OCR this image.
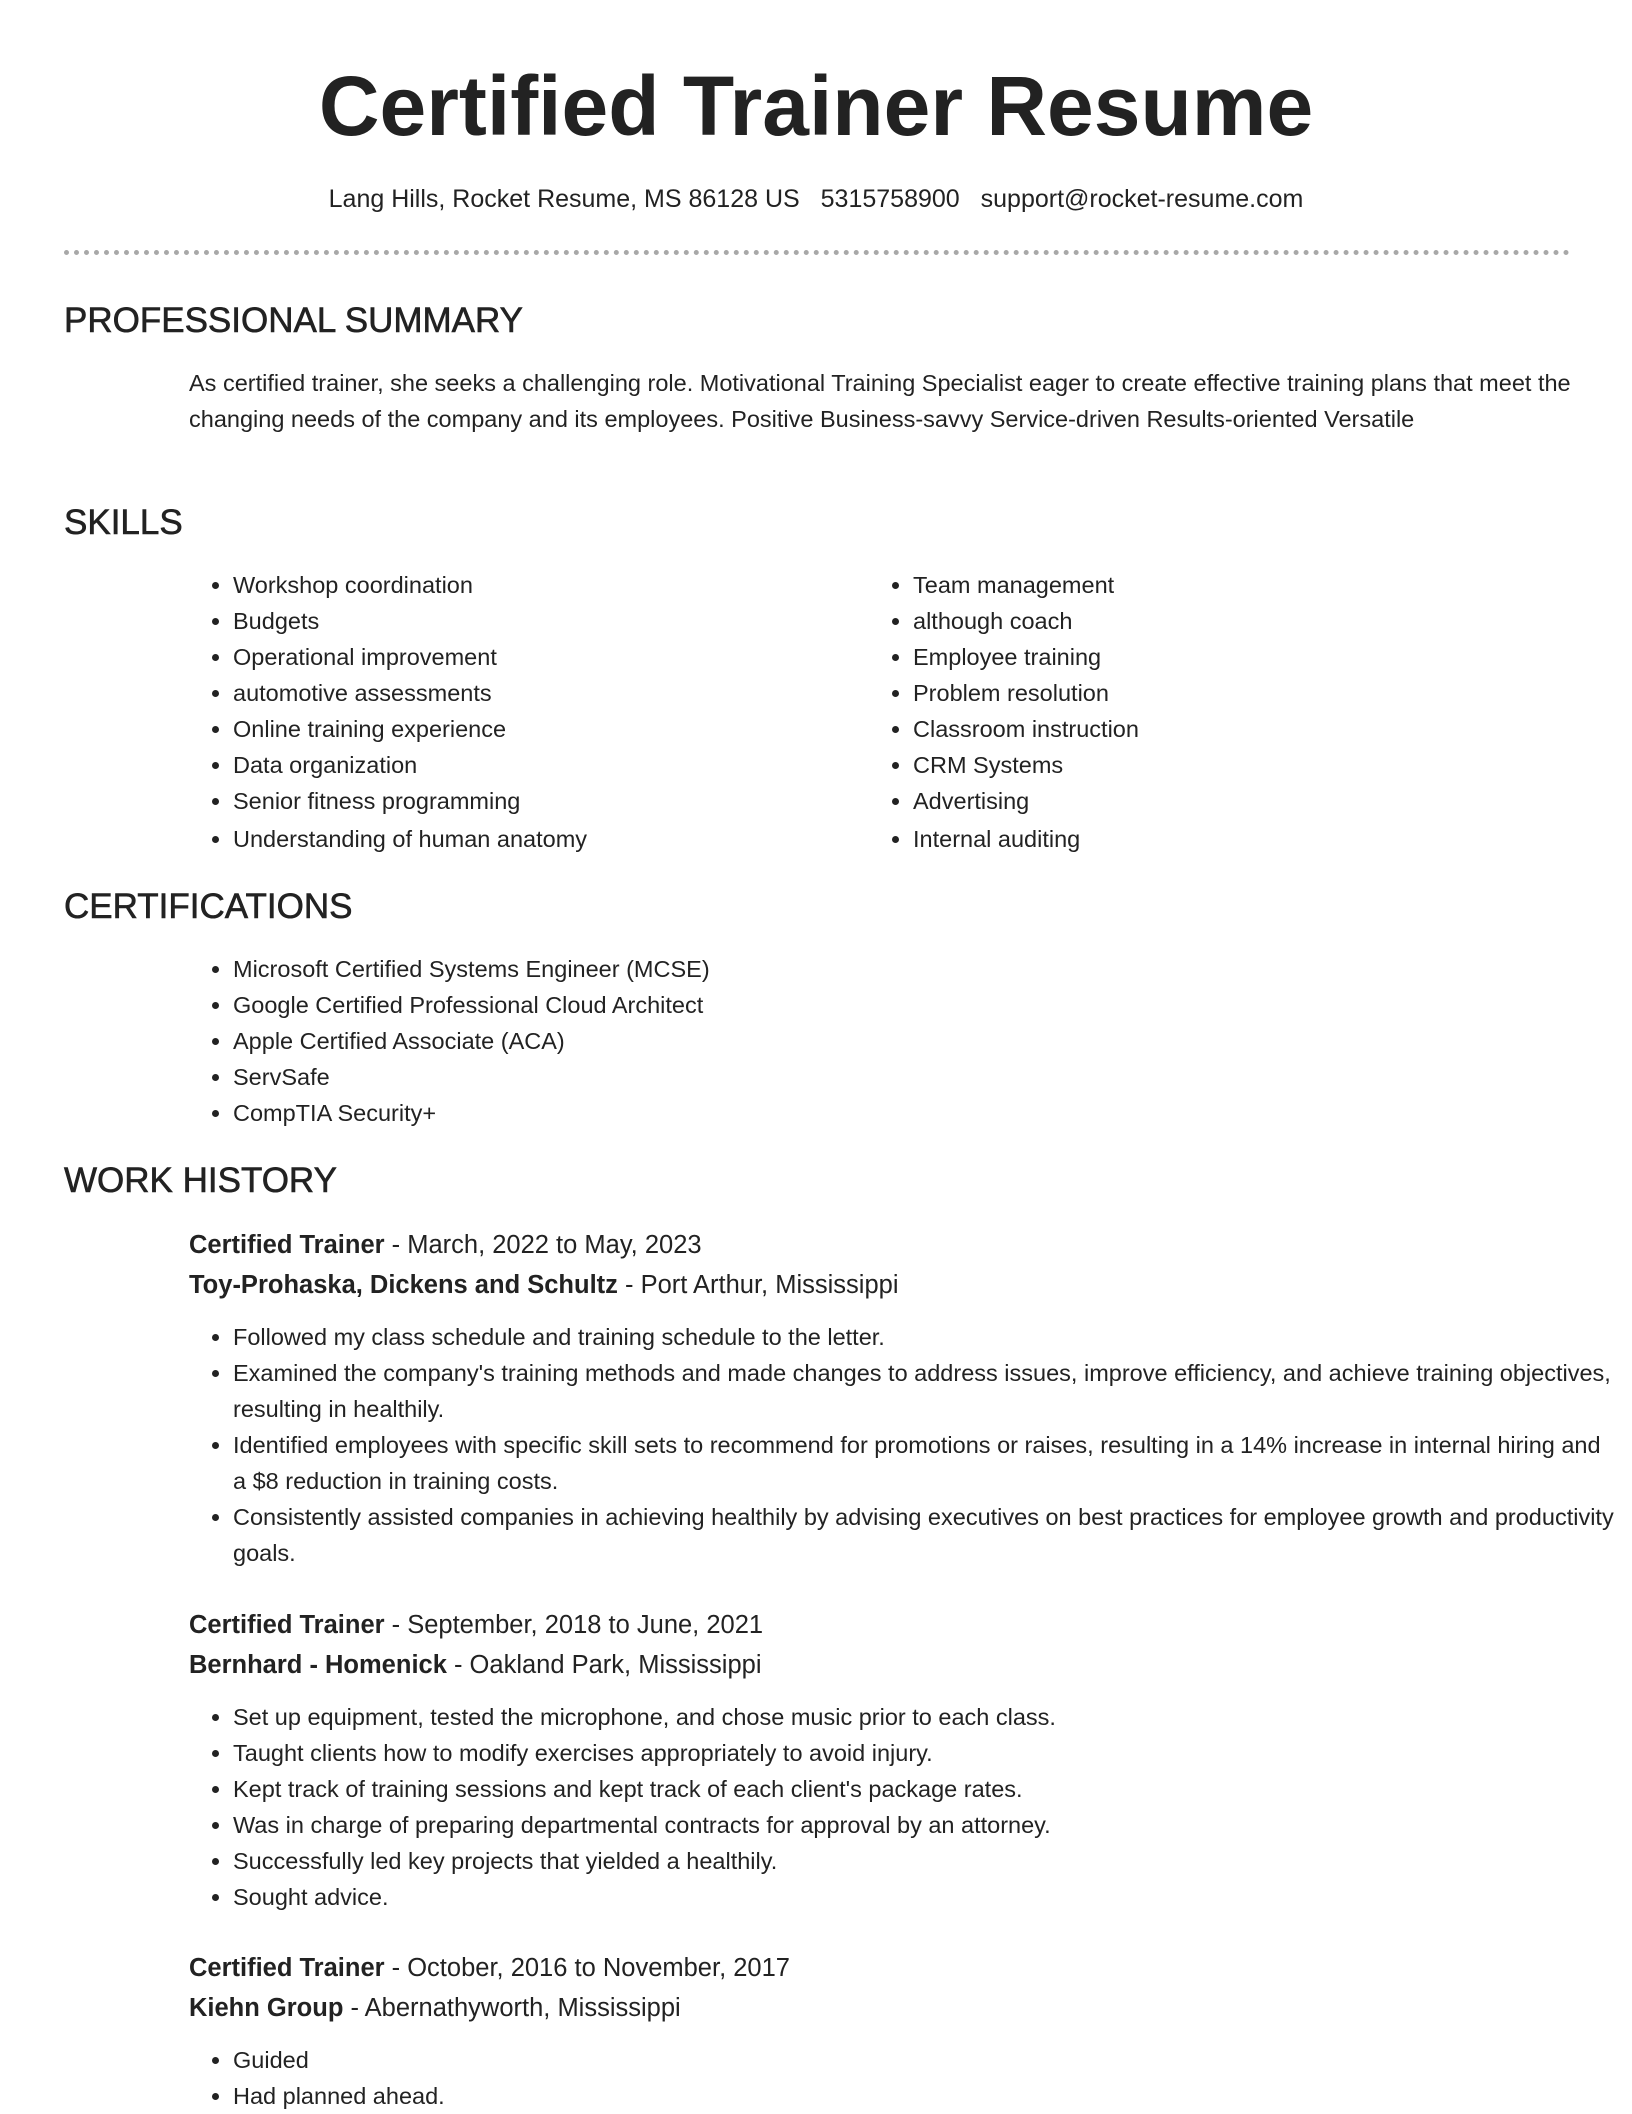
Certified Trainer Resume
Lang Hills, Rocket Resume, MS 86128 US 5315758900 support@rocket-resume.com
PROFESSIONAL SUMMARY

As certified trainer, she seeks a challenging role. Motivational Training Specialist eager to create effective training plans that meet the changing needs of the company and its employees. Positive Business-savvy Service-driven Results-oriented Versatile

SKILLS
• Workshop coordination
• Budgets
• Operational improvement
• automotive assessments
• Online training experience
• Data organization
• Senior fitness programming
• Understanding of human anatomy
• Team management
• although coach
• Employee training
• Problem resolution
• Classroom instruction
• CRM Systems
• Advertising
• Internal auditing
CERTIFICATIONS
• Microsoft Certified Systems Engineer (MCSE)
• Google Certified Professional Cloud Architect
• Apple Certified Associate (ACA)
• ServSafe
• CompTIA Security+
WORK HISTORY

Certified Trainer - March, 2022 to May, 2023

Toy-Prohaska, Dickens and Schultz - Port Arthur, Mississippi

• Followed my class schedule and training schedule to the letter.
• Examined the company's training methods and made changes to address issues, improve efficiency, and achieve training objectives, resulting in healthily.
• Identified employees with specific skill sets to recommend for promotions or raises, resulting in a 14% increase in internal hiring and a $8 reduction in training costs.
• Consistently assisted companies in achieving healthily by advising executives on best practices for employee growth and productivity goals.

Certified Trainer - September, 2018 to June, 2021

Bernhard - Homenick - Oakland Park, Mississippi

• Set up equipment, tested the microphone, and chose music prior to each class.
• Taught clients how to modify exercises appropriately to avoid injury.
• Kept track of training sessions and kept track of each client's package rates.
• Was in charge of preparing departmental contracts for approval by an attorney.
• Successfully led key projects that yielded a healthily.
• Sought advice.

Certified Trainer - October, 2016 to November, 2017

Kiehn Group - Abernathyworth, Mississippi

• Guided
• Had planned ahead.
